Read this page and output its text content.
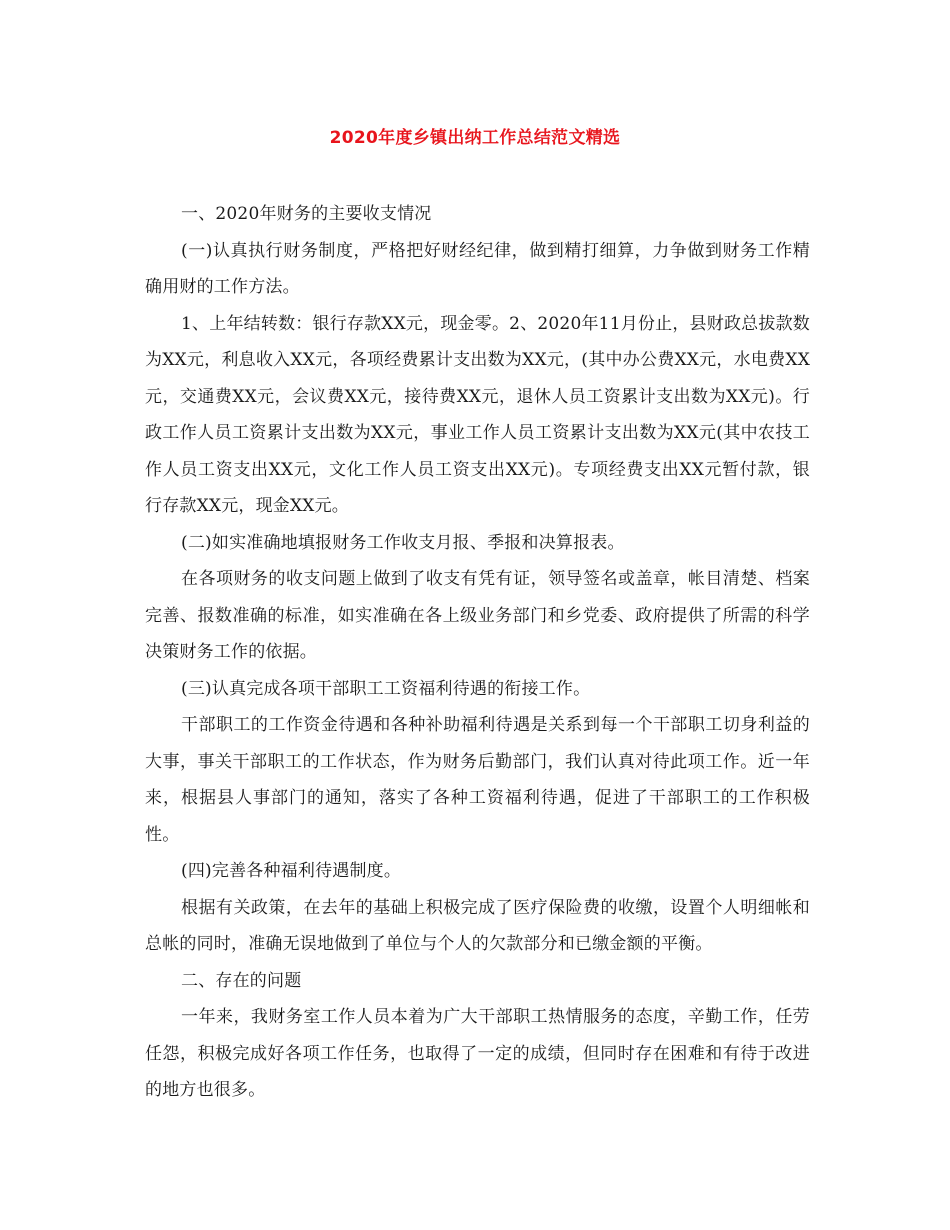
2020年度乡镇出纳工作总结范文精选

一、2020年财务的主要收支情况

(一)认真执行财务制度，严格把好财经纪律，做到精打细算，力争做到财务工作精确用财的工作方法。

1、上年结转数：银行存款XX元，现金零。2、2020年11月份止，县财政总拔款数为XX元，利息收入XX元，各项经费累计支出数为XX元，(其中办公费XX元，水电费XX元，交通费XX元，会议费XX元，接待费XX元，退休人员工资累计支出数为XX元)。行政工作人员工资累计支出数为XX元，事业工作人员工资累计支出数为XX元(其中农技工作人员工资支出XX元，文化工作人员工资支出XX元)。专项经费支出XX元暂付款，银行存款XX元，现金XX元。

(二)如实准确地填报财务工作收支月报、季报和决算报表。

在各项财务的收支问题上做到了收支有凭有证，领导签名或盖章，帐目清楚、档案完善、报数准确的标准，如实准确在各上级业务部门和乡党委、政府提供了所需的科学决策财务工作的依据。

(三)认真完成各项干部职工工资福利待遇的衔接工作。

干部职工的工作资金待遇和各种补助福利待遇是关系到每一个干部职工切身利益的大事，事关干部职工的工作状态，作为财务后勤部门，我们认真对待此项工作。近一年来，根据县人事部门的通知，落实了各种工资福利待遇，促进了干部职工的工作积极性。

(四)完善各种福利待遇制度。

根据有关政策，在去年的基础上积极完成了医疗保险费的收缴，设置个人明细帐和总帐的同时，准确无误地做到了单位与个人的欠款部分和已缴金额的平衡。

二、存在的问题

一年来，我财务室工作人员本着为广大干部职工热情服务的态度，辛勤工作，任劳任怨，积极完成好各项工作任务，也取得了一定的成绩，但同时存在困难和有待于改进的地方也很多。
